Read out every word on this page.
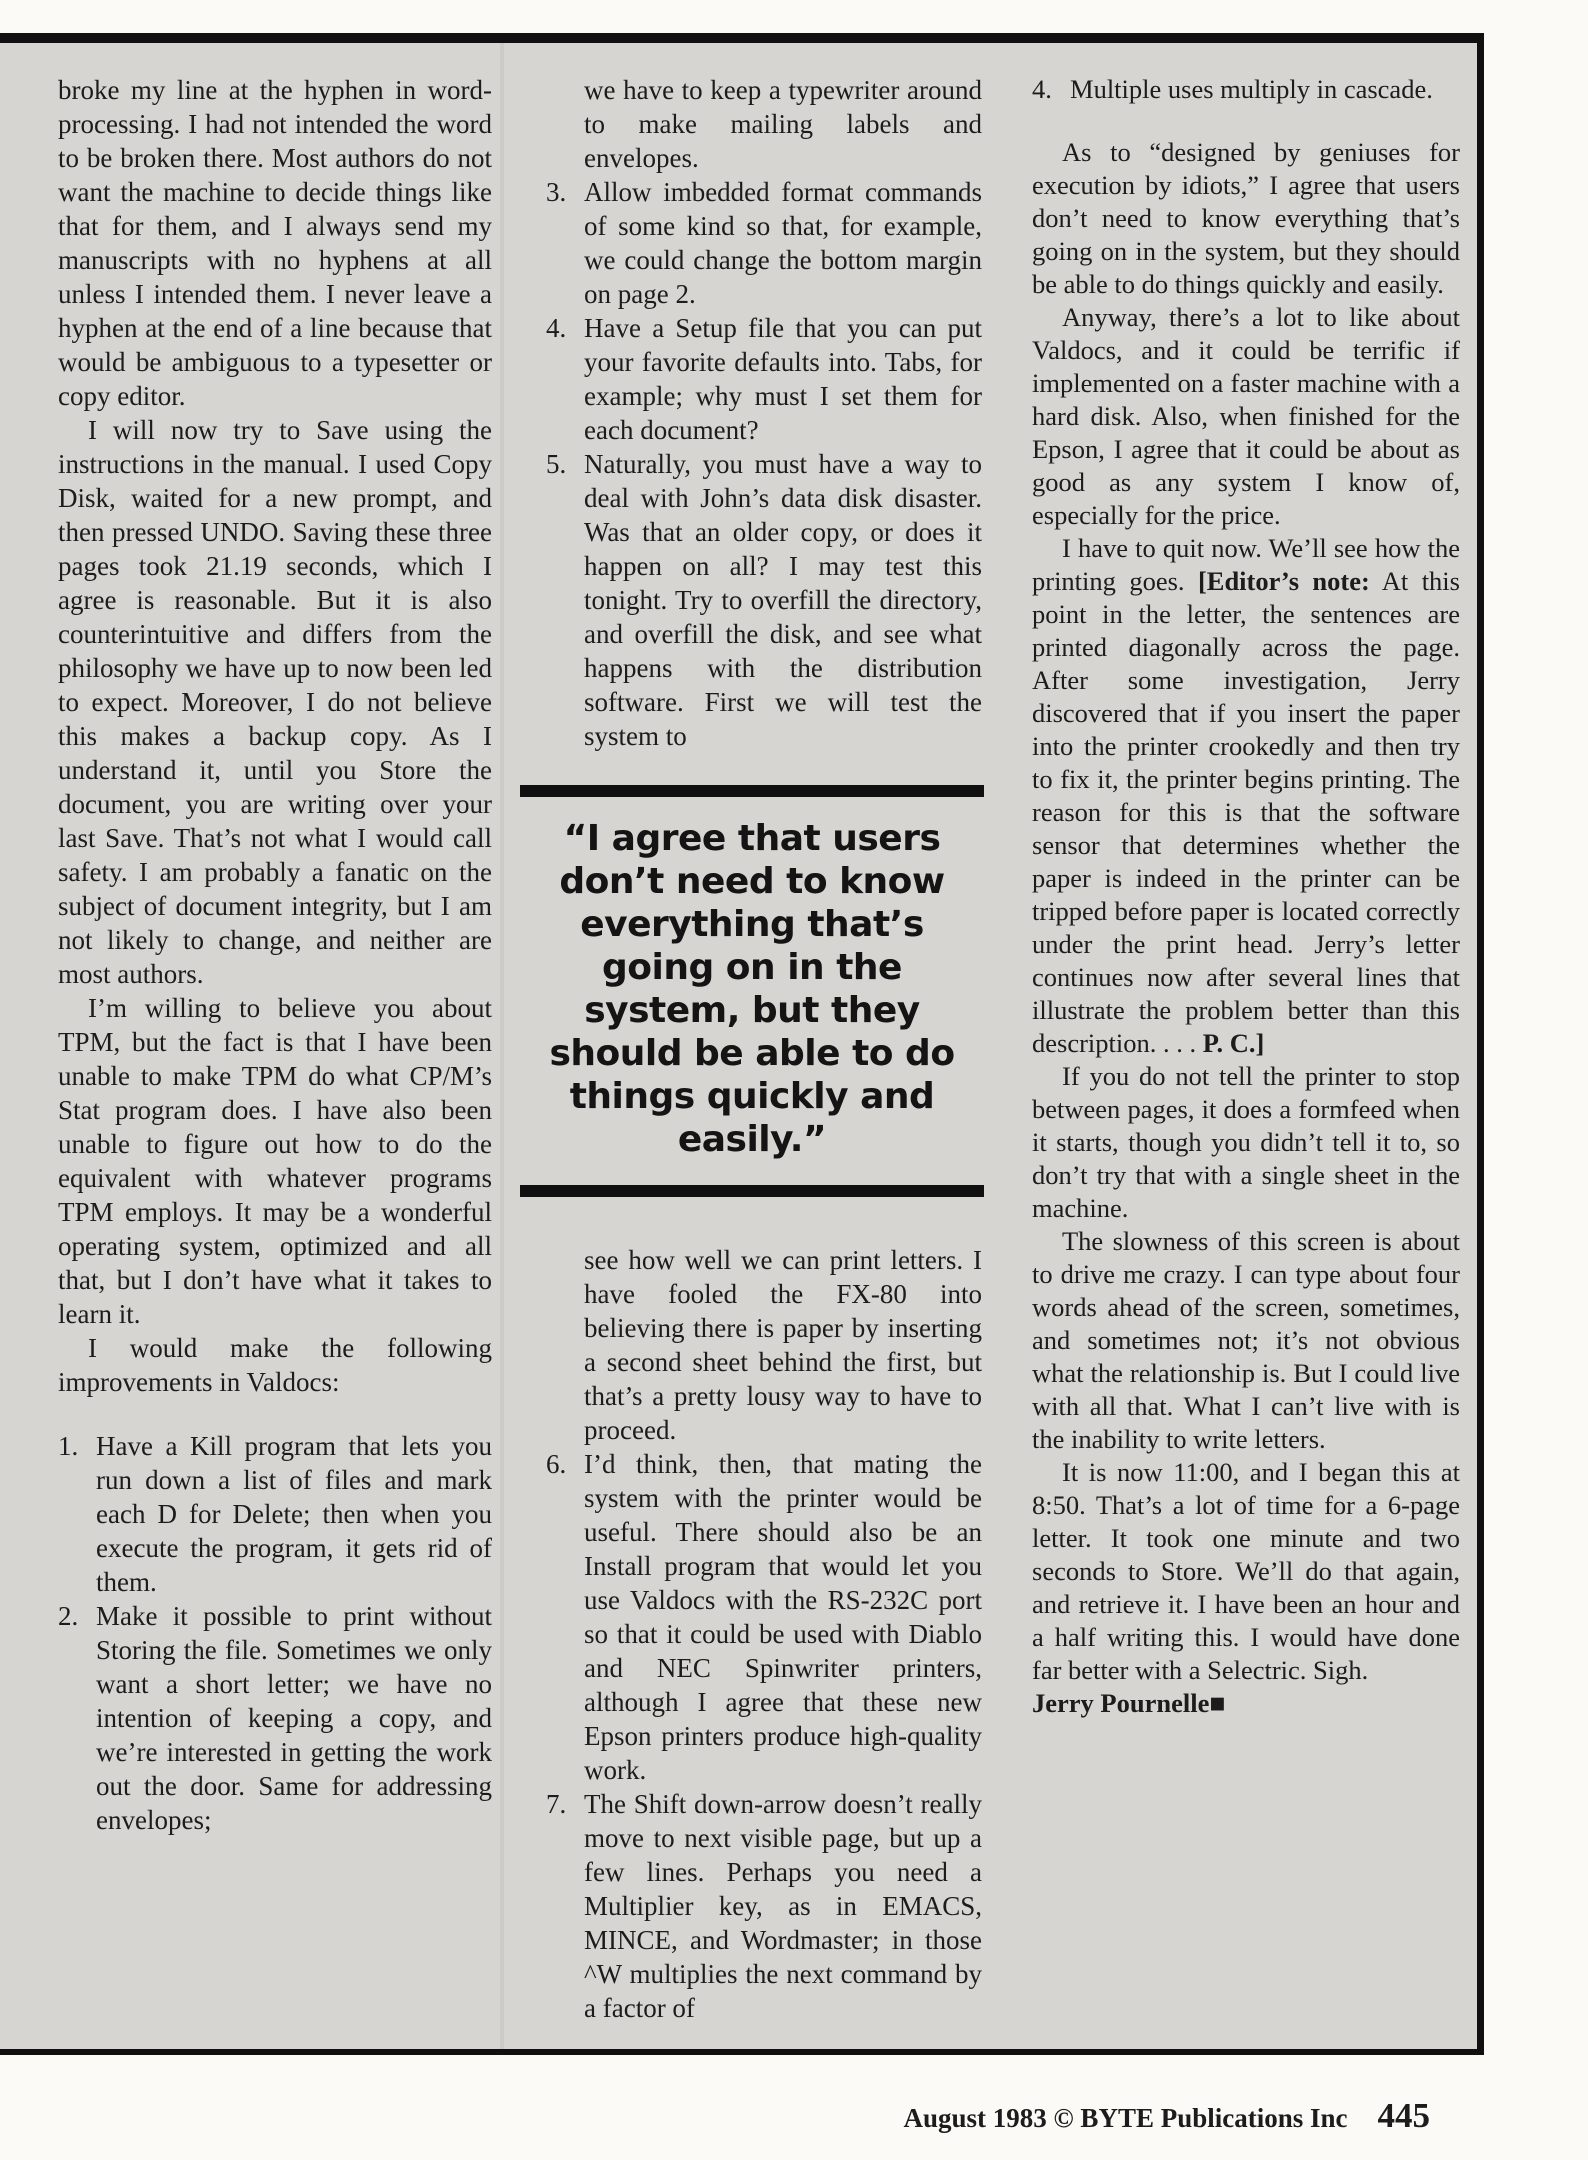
broke my line at the hyphen in word-processing. I had not intended the word to be broken there. Most authors do not want the machine to decide things like that for them, and I always send my manuscripts with no hyphens at all unless I intended them. I never leave a hyphen at the end of a line because that would be ambiguous to a typesetter or copy editor.

I will now try to Save using the instructions in the manual. I used Copy Disk, waited for a new prompt, and then pressed UNDO. Saving these three pages took 21.19 seconds, which I agree is reasonable. But it is also counterintuitive and differs from the philosophy we have up to now been led to expect. Moreover, I do not believe this makes a backup copy. As I understand it, until you Store the document, you are writing over your last Save. That’s not what I would call safety. I am probably a fanatic on the subject of document integrity, but I am not likely to change, and neither are most authors.

I’m willing to believe you about TPM, but the fact is that I have been unable to make TPM do what CP/M’s Stat program does. I have also been unable to figure out how to do the equivalent with whatever programs TPM employs. It may be a wonderful operating system, optimized and all that, but I don’t have what it takes to learn it.

I would make the following improvements in Valdocs:

1. Have a Kill program that lets you run down a list of files and mark each D for Delete; then when you execute the program, it gets rid of them.
2. Make it possible to print without Storing the file. Sometimes we only want a short letter; we have no intention of keeping a copy, and we’re interested in getting the work out the door. Same for addressing envelopes;

we have to keep a typewriter around to make mailing labels and envelopes.

3. Allow imbedded format commands of some kind so that, for example, we could change the bottom margin on page 2.
4. Have a Setup file that you can put your favorite defaults into. Tabs, for example; why must I set them for each document?
5. Naturally, you must have a way to deal with John’s data disk disaster. Was that an older copy, or does it happen on all? I may test this tonight. Try to overfill the directory, and overfill the disk, and see what happens with the distribution software. First we will test the system to
“I agree that users don’t need to know everything that’s going on in the system, but they should be able to do things quickly and easily.”

see how well we can print letters. I have fooled the FX-80 into believing there is paper by inserting a second sheet behind the first, but that’s a pretty lousy way to have to proceed.

6. I’d think, then, that mating the system with the printer would be useful. There should also be an Install program that would let you use Valdocs with the RS-232C port so that it could be used with Diablo and NEC Spinwriter printers, although I agree that these new Epson printers produce high-quality work.
7. The Shift down-arrow doesn’t really move to next visible page, but up a few lines. Perhaps you need a Multiplier key, as in EMACS, MINCE, and Wordmaster; in those ^W multiplies the next command by a factor of
4. Multiple uses multiply in cascade.

As to “designed by geniuses for execution by idiots,” I agree that users don’t need to know everything that’s going on in the system, but they should be able to do things quickly and easily.

Anyway, there’s a lot to like about Valdocs, and it could be terrific if implemented on a faster machine with a hard disk. Also, when finished for the Epson, I agree that it could be about as good as any system I know of, especially for the price.

I have to quit now. We’ll see how the printing goes. [Editor’s note: At this point in the letter, the sentences are printed diagonally across the page. After some investigation, Jerry discovered that if you insert the paper into the printer crookedly and then try to fix it, the printer begins printing. The reason for this is that the software sensor that determines whether the paper is indeed in the printer can be tripped before paper is located correctly under the print head. Jerry’s letter continues now after several lines that illustrate the problem better than this description. . . . P. C.]

If you do not tell the printer to stop between pages, it does a formfeed when it starts, though you didn’t tell it to, so don’t try that with a single sheet in the machine.

The slowness of this screen is about to drive me crazy. I can type about four words ahead of the screen, sometimes, and sometimes not; it’s not obvious what the relationship is. But I could live with all that. What I can’t live with is the inability to write letters.

It is now 11:00, and I began this at 8:50. That’s a lot of time for a 6-page letter. It took one minute and two seconds to Store. We’ll do that again, and retrieve it. I have been an hour and a half writing this. I would have done far better with a Selectric. Sigh.

Jerry Pournelle■

August 1983 © BYTE Publications Inc 445
